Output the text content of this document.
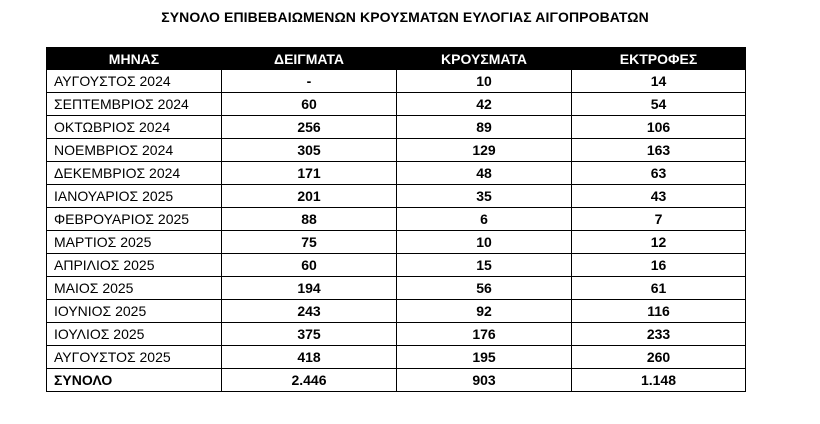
ΣΥΝΟΛΟ ΕΠΙΒΕΒΑΙΩΜΕΝΩΝ ΚΡΟΥΣΜΑΤΩΝ ΕΥΛΟΓΙΑΣ ΑΙΓΟΠΡΟΒΑΤΩΝ
ΜΗΝΑΣ	ΔΕΙΓΜΑΤΑ	ΚΡΟΥΣΜΑΤΑ	ΕΚΤΡΟΦΕΣ
ΑΥΓΟΥΣΤΟΣ 2024	-	10	14
ΣΕΠΤΕΜΒΡΙΟΣ 2024	60	42	54
ΟΚΤΩΒΡΙΟΣ 2024	256	89	106
ΝΟΕΜΒΡΙΟΣ 2024	305	129	163
ΔΕΚΕΜΒΡΙΟΣ 2024	171	48	63
ΙΑΝΟΥΑΡΙΟΣ 2025	201	35	43
ΦΕΒΡΟΥΑΡΙΟΣ 2025	88	6	7
ΜΑΡΤΙΟΣ 2025	75	10	12
ΑΠΡΙΛΙΟΣ 2025	60	15	16
ΜΑΙΟΣ 2025	194	56	61
ΙΟΥΝΙΟΣ 2025	243	92	116
ΙΟΥΛΙΟΣ 2025	375	176	233
ΑΥΓΟΥΣΤΟΣ 2025	418	195	260
ΣΥΝΟΛΟ	2.446	903	1.148
